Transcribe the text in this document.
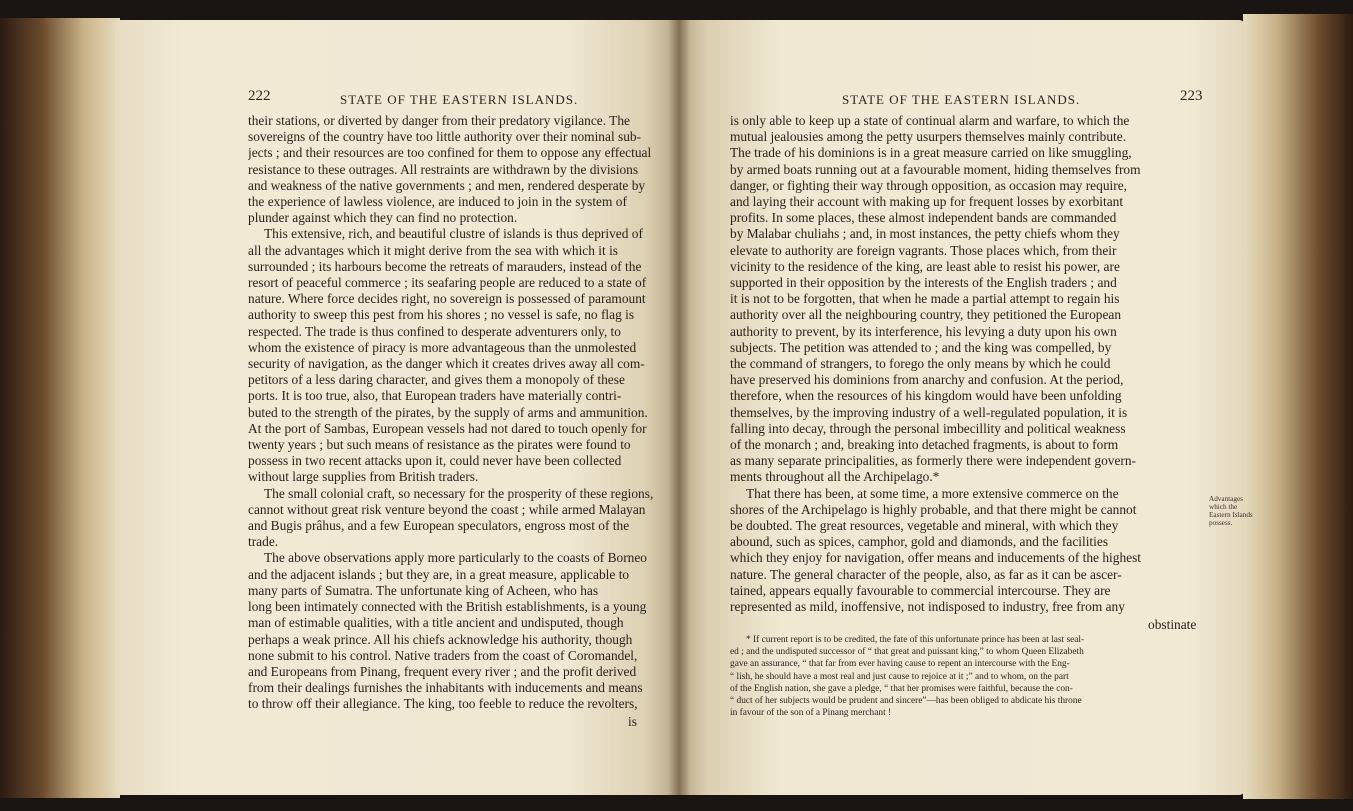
222	STATE OF THE EASTERN ISLANDS.
their stations, or diverted by danger from their predatory vigilance. The
sovereigns of the country have too little authority over their nominal sub-
jects ; and their resources are too confined for them to oppose any effectual
resistance to these outrages. All restraints are withdrawn by the divisions
and weakness of the native governments ; and men, rendered desperate by
the experience of lawless violence, are induced to join in the system of
plunder against which they can find no protection.
This extensive, rich, and beautiful clustre of islands is thus deprived of
all the advantages which it might derive from the sea with which it is
surrounded ; its harbours become the retreats of marauders, instead of the
resort of peaceful commerce ; its seafaring people are reduced to a state of
nature. Where force decides right, no sovereign is possessed of paramount
authority to sweep this pest from his shores ; no vessel is safe, no flag is
respected. The trade is thus confined to desperate adventurers only, to
whom the existence of piracy is more advantageous than the unmolested
security of navigation, as the danger which it creates drives away all com-
petitors of a less daring character, and gives them a monopoly of these
ports. It is too true, also, that European traders have materially contri-
buted to the strength of the pirates, by the supply of arms and ammunition.
At the port of Sambas, European vessels had not dared to touch openly for
twenty years ; but such means of resistance as the pirates were found to
possess in two recent attacks upon it, could never have been collected
without large supplies from British traders.
The small colonial craft, so necessary for the prosperity of these regions,
cannot without great risk venture beyond the coast ; while armed Malayan
and Bugis prâhus, and a few European speculators, engross most of the
trade.
The above observations apply more particularly to the coasts of Borneo
and the adjacent islands ; but they are, in a great measure, applicable to
many parts of Sumatra. The unfortunate king of Acheen, who has
long been intimately connected with the British establishments, is a young
man of estimable qualities, with a title ancient and undisputed, though
perhaps a weak prince. All his chiefs acknowledge his authority, though
none submit to his control. Native traders from the coast of Coromandel,
and Europeans from Pinang, frequent every river ; and the profit derived
from their dealings furnishes the inhabitants with inducements and means
to throw off their allegiance. The king, too feeble to reduce the revolters,
is
STATE OF THE EASTERN ISLANDS.	223
is only able to keep up a state of continual alarm and warfare, to which the
mutual jealousies among the petty usurpers themselves mainly contribute.
The trade of his dominions is in a great measure carried on like smuggling,
by armed boats running out at a favourable moment, hiding themselves from
danger, or fighting their way through opposition, as occasion may require,
and laying their account with making up for frequent losses by exorbitant
profits. In some places, these almost independent bands are commanded
by Malabar chuliahs ; and, in most instances, the petty chiefs whom they
elevate to authority are foreign vagrants. Those places which, from their
vicinity to the residence of the king, are least able to resist his power, are
supported in their opposition by the interests of the English traders ; and
it is not to be forgotten, that when he made a partial attempt to regain his
authority over all the neighbouring country, they petitioned the European
authority to prevent, by its interference, his levying a duty upon his own
subjects. The petition was attended to ; and the king was compelled, by
the command of strangers, to forego the only means by which he could
have preserved his dominions from anarchy and confusion. At the period,
therefore, when the resources of his kingdom would have been unfolding
themselves, by the improving industry of a well-regulated population, it is
falling into decay, through the personal imbecillity and political weakness
of the monarch ; and, breaking into detached fragments, is about to form
as many separate principalities, as formerly there were independent govern-
ments throughout all the Archipelago.*
That there has been, at some time, a more extensive commerce on the
shores of the Archipelago is highly probable, and that there might be cannot
be doubted. The great resources, vegetable and mineral, with which they
abound, such as spices, camphor, gold and diamonds, and the facilities
which they enjoy for navigation, offer means and inducements of the highest
nature. The general character of the people, also, as far as it can be ascer-
tained, appears equally favourable to commercial intercourse. They are
represented as mild, inoffensive, not indisposed to industry, free from any
obstinate
Advantages which the Eastern Islands possess.
* If current report is to be credited, the fate of this unfortunate prince has been at last seal-
ed ; and the undisputed successor of “ that great and puissant king,” to whom Queen Elizabeth
gave an assurance, “ that far from ever having cause to repent an intercourse with the Eng-
“ lish, he should have a most real and just cause to rejoice at it ;” and to whom, on the part
of the English nation, she gave a pledge, “ that her promises were faithful, because the con-
“ duct of her subjects would be prudent and sincere”—has been obliged to abdicate his throne
in favour of the son of a Pinang merchant !
